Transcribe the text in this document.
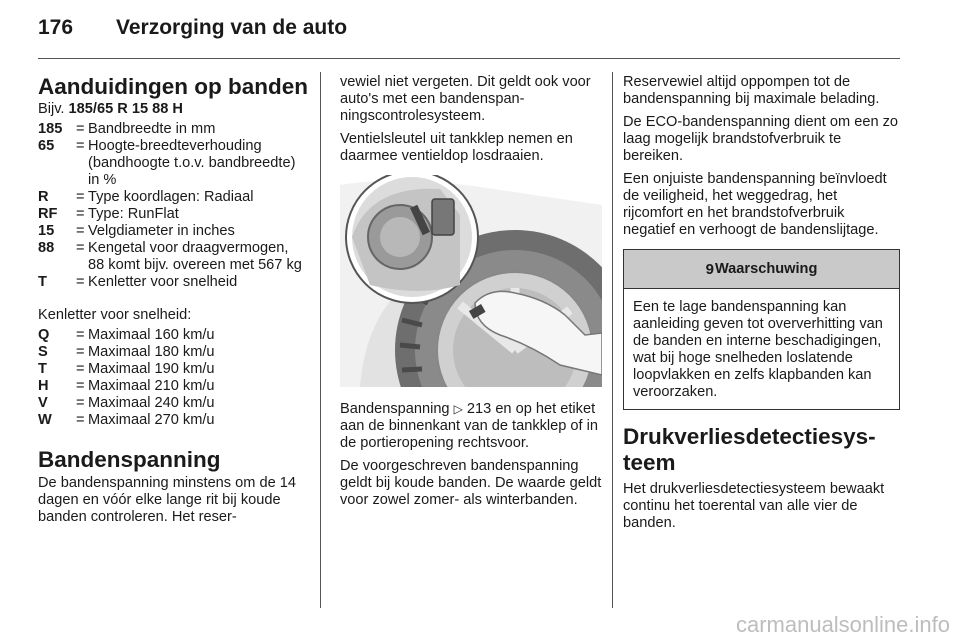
176 Verzorging van de auto
Aanduidingen op banden
Bijv. 185/65 R 15 88 H
185 = Bandbreedte in mm
65	= Hoogte-breedteverhouding (bandhoogte t.o.v. bandbreedte) in %
R	= Type koordlagen: Radiaal
RF	= Type: RunFlat
15	= Velgdiameter in inches
88	= Kengetal voor draagvermogen, 88 komt bijv. overeen met 567 kg
T	= Kenletter voor snelheid

Kenletter voor snelheid:

Q	= Maximaal 160 km/u
S	= Maximaal 180 km/u
T	= Maximaal 190 km/u
H	= Maximaal 210 km/u
V	= Maximaal 240 km/u
W	= Maximaal 270 km/u
Bandenspanning

De bandenspanning minstens om de 14 dagen en vóór elke lange rit bij koude banden controleren. Het reser-

vewiel niet vergeten. Dit geldt ook voor auto's met een bandenspanningscontrolesysteem.

Ventielsleutel uit tankklep nemen en daarmee ventieldop losdraaien.

Bandenspanning ▷ 213 en op het etiket aan de binnenkant van de tankklep of in de portieropening rechtsvoor.

De voorgeschreven bandenspanning geldt bij koude banden. De waarde geldt voor zowel zomer- als winterbanden.

Reservewiel altijd oppompen tot de bandenspanning bij maximale belading.

De ECO-bandenspanning dient om een zo laag mogelijk brandstofverbruik te bereiken.

Een onjuiste bandenspanning beïnvloedt de veiligheid, het weggedrag, het rijcomfort en het brandstofverbruik negatief en verhoogt de bandenslijtage.

9 Waarschuwing
Een te lage bandenspanning kan aanleiding geven tot oververhitting van de banden en interne beschadigingen, wat bij hoge snelheden loslatende loopvlakken en zelfs klapbanden kan veroorzaken.
Drukverliesdetectiesysteem

Het drukverliesdetectiesysteem bewaakt continu het toerental van alle vier de banden.

carmanualsonline.info
